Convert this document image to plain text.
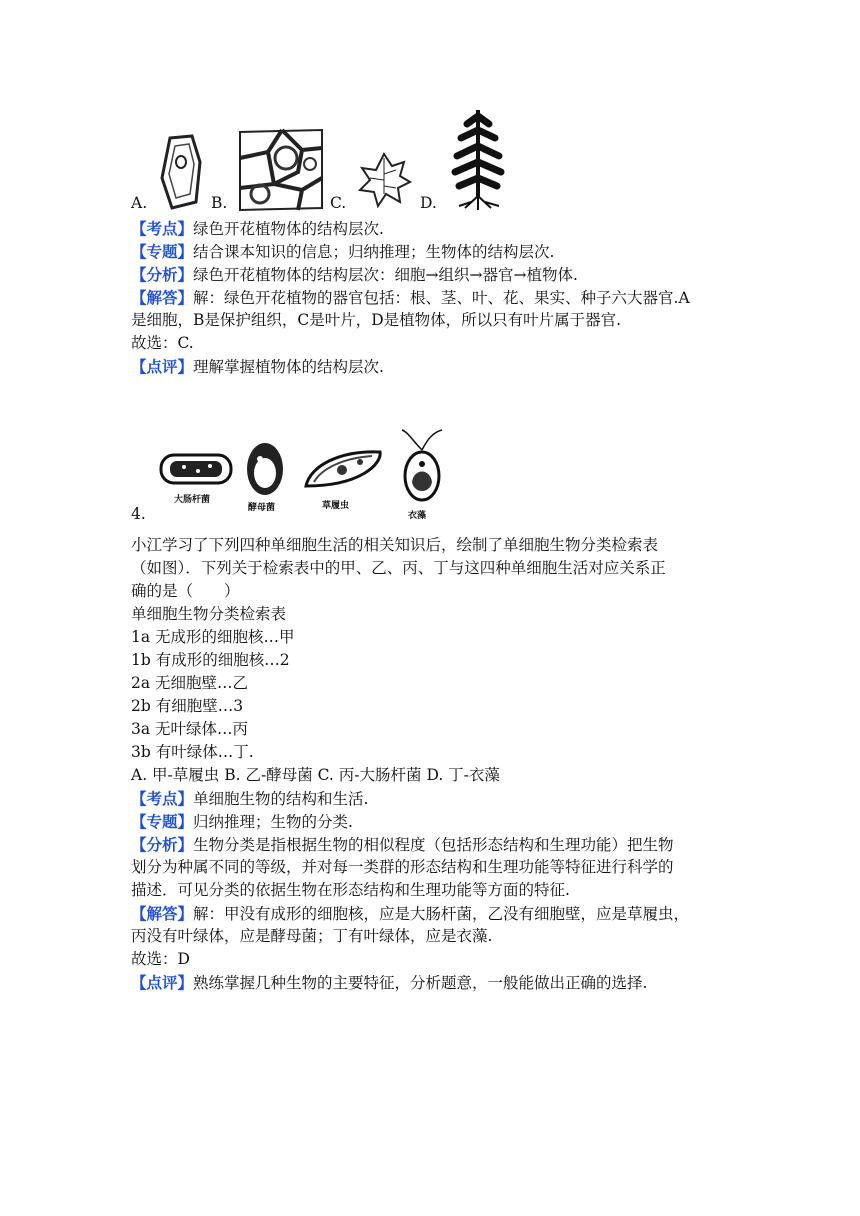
A.	B.	C.	D.
【考点】绿色开花植物体的结构层次.
【专题】结合课本知识的信息；归纳推理；生物体的结构层次.
【分析】绿色开花植物体的结构层次：细胞→组织→器官→植物体.
【解答】解：绿色开花植物的器官包括：根、茎、叶、花、果实、种子六大器官.A
是细胞，B是保护组织，C是叶片，D是植物体，所以只有叶片属于器官.
故选：C.
【点评】理解掌握植物体的结构层次.
大肠杆菌
酵母菌	草履虫
衣藻
4.
小江学习了下列四种单细胞生活的相关知识后，绘制了单细胞生物分类检索表
（如图）．下列关于检索表中的甲、乙、丙、丁与这四种单细胞生活对应关系正
确的是（　　）
单细胞生物分类检索表
1a 无成形的细胞核…甲
1b 有成形的细胞核…2
2a 无细胞壁…乙
2b 有细胞壁…3
3a 无叶绿体…丙
3b 有叶绿体…丁.
A. 甲-草履虫 B. 乙-酵母菌 C. 丙-大肠杆菌 D. 丁-衣藻
【考点】单细胞生物的结构和生活.
【专题】归纳推理；生物的分类.
【分析】生物分类是指根据生物的相似程度（包括形态结构和生理功能）把生物
划分为种属不同的等级，并对每一类群的形态结构和生理功能等特征进行科学的
描述．可见分类的依据生物在形态结构和生理功能等方面的特征.
【解答】解：甲没有成形的细胞核，应是大肠杆菌，乙没有细胞壁，应是草履虫，
丙没有叶绿体，应是酵母菌；丁有叶绿体，应是衣藻.
故选：D
【点评】熟练掌握几种生物的主要特征，分析题意，一般能做出正确的选择.
